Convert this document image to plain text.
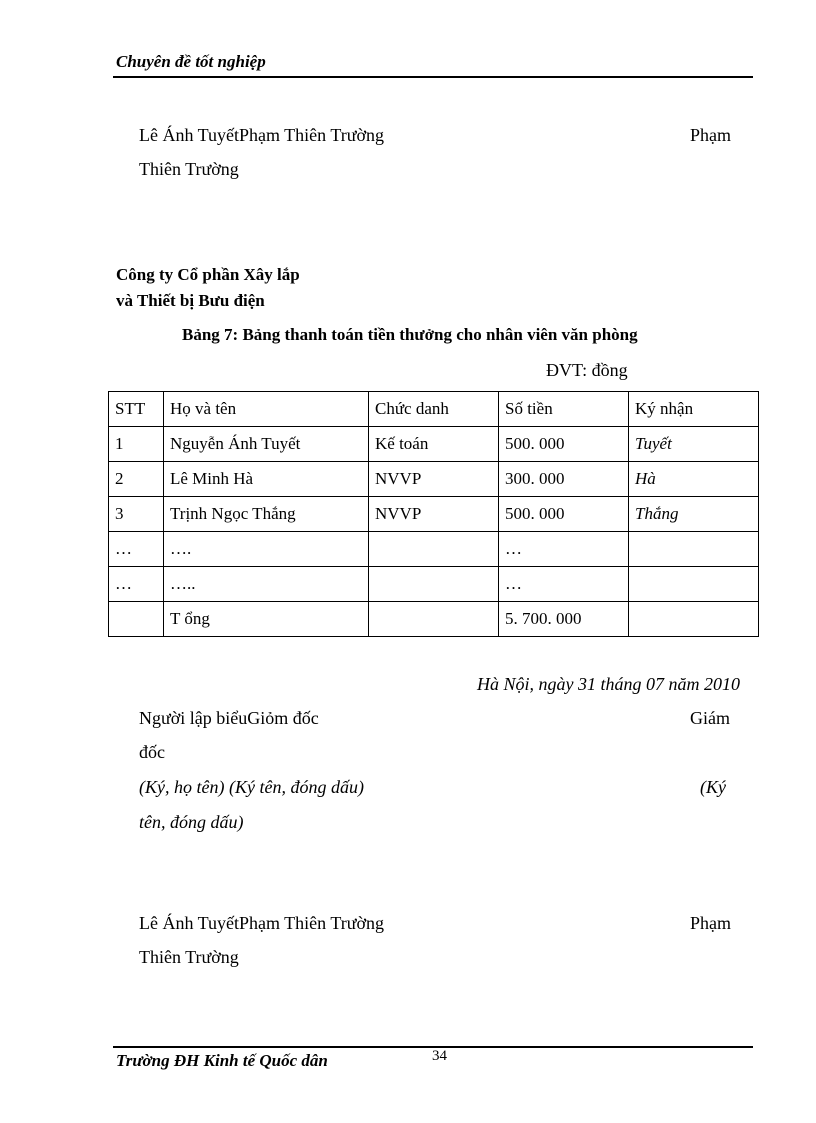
Chuyên đề tốt nghiệp
Lê Ánh TuyếtPhạm Thiên Trường	Phạm
Thiên Trường
Công ty Cổ phần Xây lắp
và Thiết bị Bưu điện
Bảng 7: Bảng thanh toán tiền thưởng cho nhân viên văn phòng
ĐVT: đồng
STT	Họ và tên	Chức danh	Số tiền	Ký nhận
1	Nguyễn Ánh Tuyết	Kế toán	500. 000	Tuyết
2	Lê Minh Hà	NVVP	300. 000	Hà
3	Trịnh Ngọc Thắng	NVVP	500. 000	Thắng
…	….		…	
…	…..		…	
	T ổng		5. 700. 000	
Hà Nội, ngày 31 tháng 07 năm 2010
Người lập biểuGiỏm đốc	Giám
đốc
(Ký, họ tên) (Ký tên, đóng dấu)	(Ký
tên, đóng dấu)
Lê Ánh TuyếtPhạm Thiên Trường	Phạm
Thiên Trường
Trường ĐH Kinh tế Quốc dân	34
